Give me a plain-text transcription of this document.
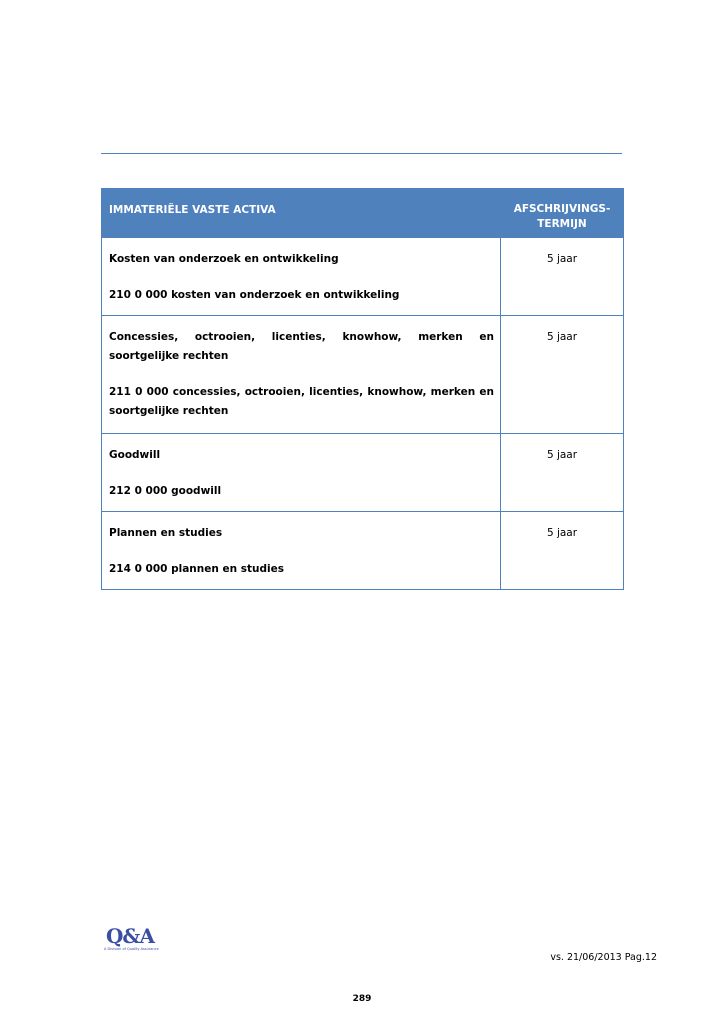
IMMATERIËLE VASTE ACTIVA	AFSCHRIJVINGS-
TERMIJN

Kosten van onderzoek en ontwikkeling
210 0 000 kosten van onderzoek en ontwikkeling	5 jaar

Concessies, octrooien, licenties, knowhow, merken en soortgelijke rechten
211 0 000 concessies, octrooien, licenties, knowhow, merken en soortgelijke rechten	5 jaar

Goodwill
212 0 000 goodwill	5 jaar

Plannen en studies
214 0 000 plannen en studies	5 jaar
Q&A
A Division of Quality Assurance
vs. 21/06/2013 Pag.12
289
